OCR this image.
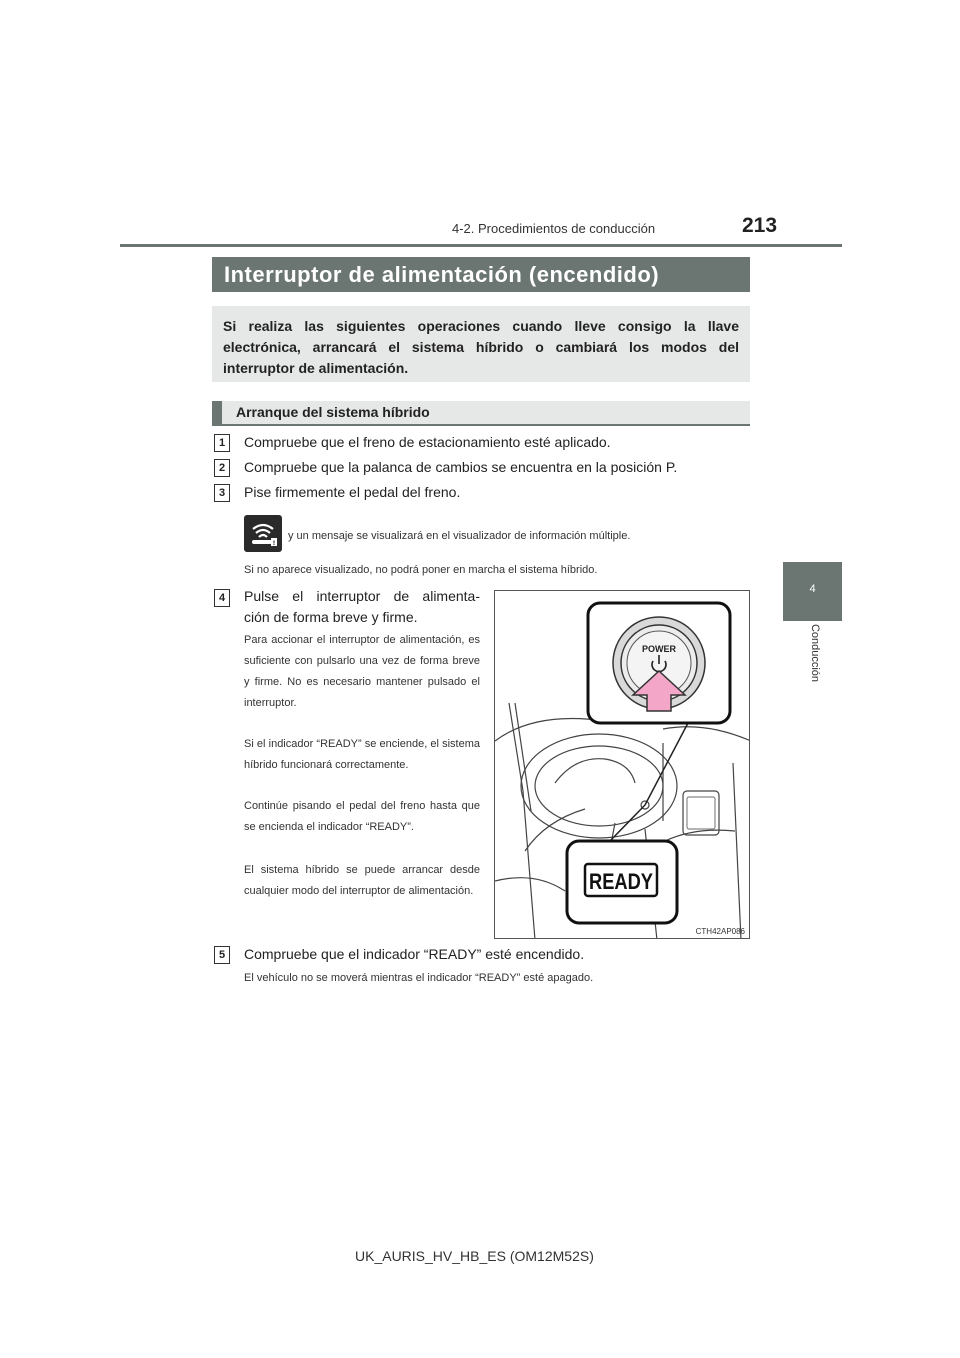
4-2. Procedimientos de conducción	213
4
Conducción
Interruptor de alimentación (encendido)
Si realiza las siguientes operaciones cuando lleve consigo la llave electrónica, arrancará el sistema híbrido o cambiará los modos del interruptor de alimentación.
Arranque del sistema híbrido
1	Compruebe que el freno de estacionamiento esté aplicado.
2	Compruebe que la palanca de cambios se encuentra en la posición P.
3	Pise firmemente el pedal del freno.
!
y un mensaje se visualizará en el visualizador de información múltiple.
Si no aparece visualizado, no podrá poner en marcha el sistema híbrido.
4	Pulse el interruptor de alimenta-
ción de forma breve y firme.
Para accionar el interruptor de alimentación, es suficiente con pulsarlo una vez de forma breve y firme. No es necesario mantener pulsado el interruptor.
Si el indicador “READY” se enciende, el sistema híbrido funcionará correctamente.
Continúe pisando el pedal del freno hasta que se encienda el indicador “READY”.
El sistema híbrido se puede arrancar desde cualquier modo del interruptor de alimentación.
POWER
READY
CTH42AP086
5	Compruebe que el indicador “READY” esté encendido.
El vehículo no se moverá mientras el indicador “READY” esté apagado.
UK_AURIS_HV_HB_ES (OM12M52S)
